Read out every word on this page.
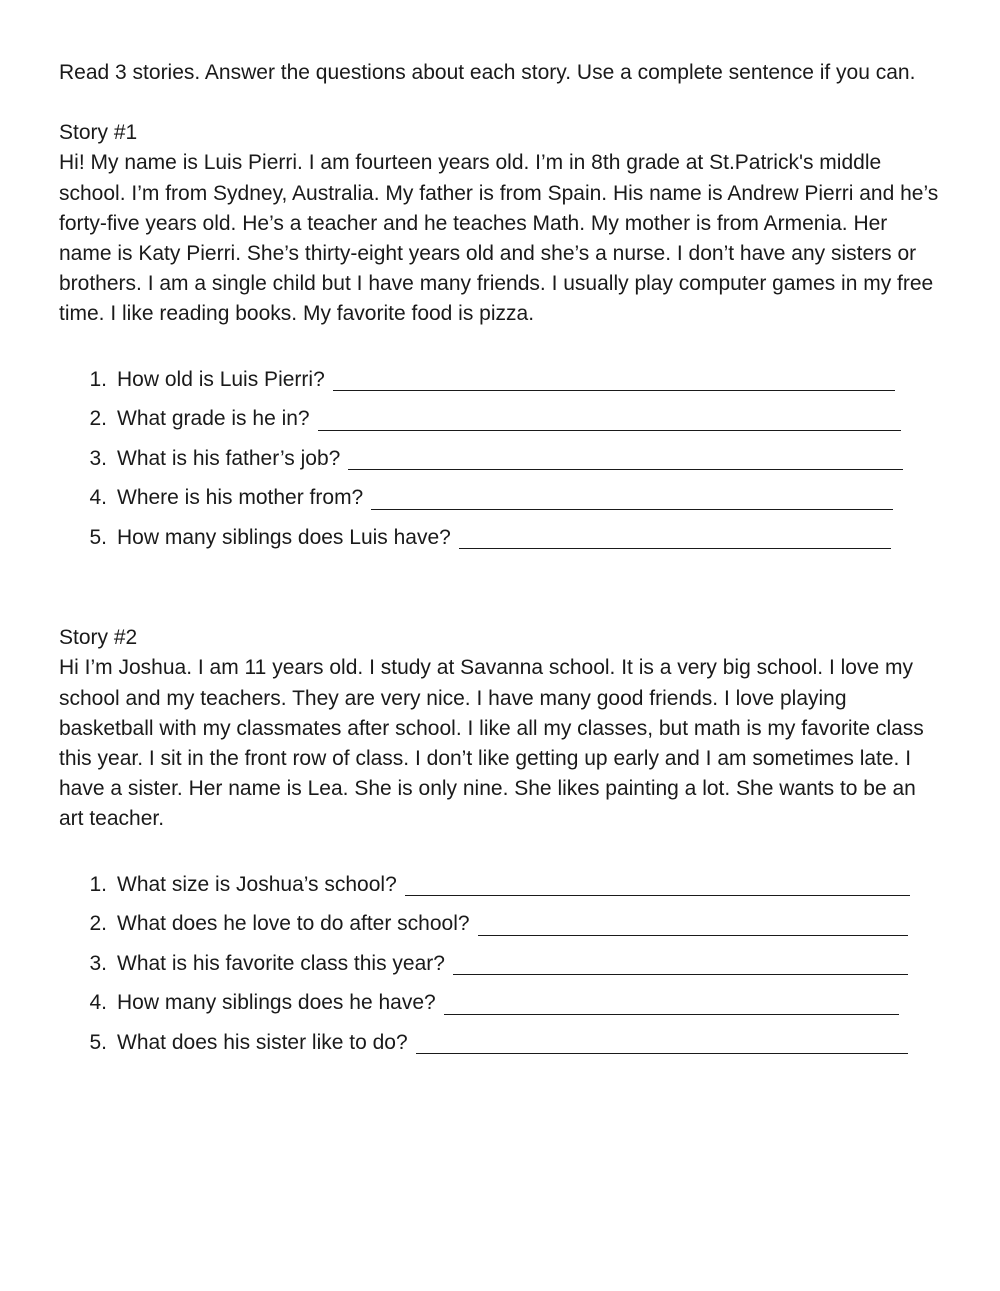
Read 3 stories. Answer the questions about each story. Use a complete sentence if you can.

Story #1

Hi! My name is Luis Pierri. I am fourteen years old. I’m in 8th grade at St.Patrick's middle school. I’m from Sydney, Australia. My father is from Spain. His name is Andrew Pierri and he’s forty-five years old. He’s a teacher and he teaches Math. My mother is from Armenia. Her name is Katy Pierri. She’s thirty-eight years old and she’s a nurse. I don’t have any sisters or brothers. I am a single child but I have many friends. I usually play computer games in my free time. I like reading books. My favorite food is pizza.

1. How old is Luis Pierri?
2. What grade is he in?
3. What is his father’s job?
4. Where is his mother from?
5. How many siblings does Luis have?

Story #2

Hi I’m Joshua. I am 11 years old. I study at Savanna school. It is a very big school. I love my school and my teachers. They are very nice. I have many good friends. I love playing basketball with my classmates after school. I like all my classes, but math is my favorite class this year. I sit in the front row of class. I don’t like getting up early and I am sometimes late. I have a sister. Her name is Lea. She is only nine. She likes painting a lot. She wants to be an art teacher.

1. What size is Joshua’s school?
2. What does he love to do after school?
3. What is his favorite class this year?
4. How many siblings does he have?
5. What does his sister like to do?
